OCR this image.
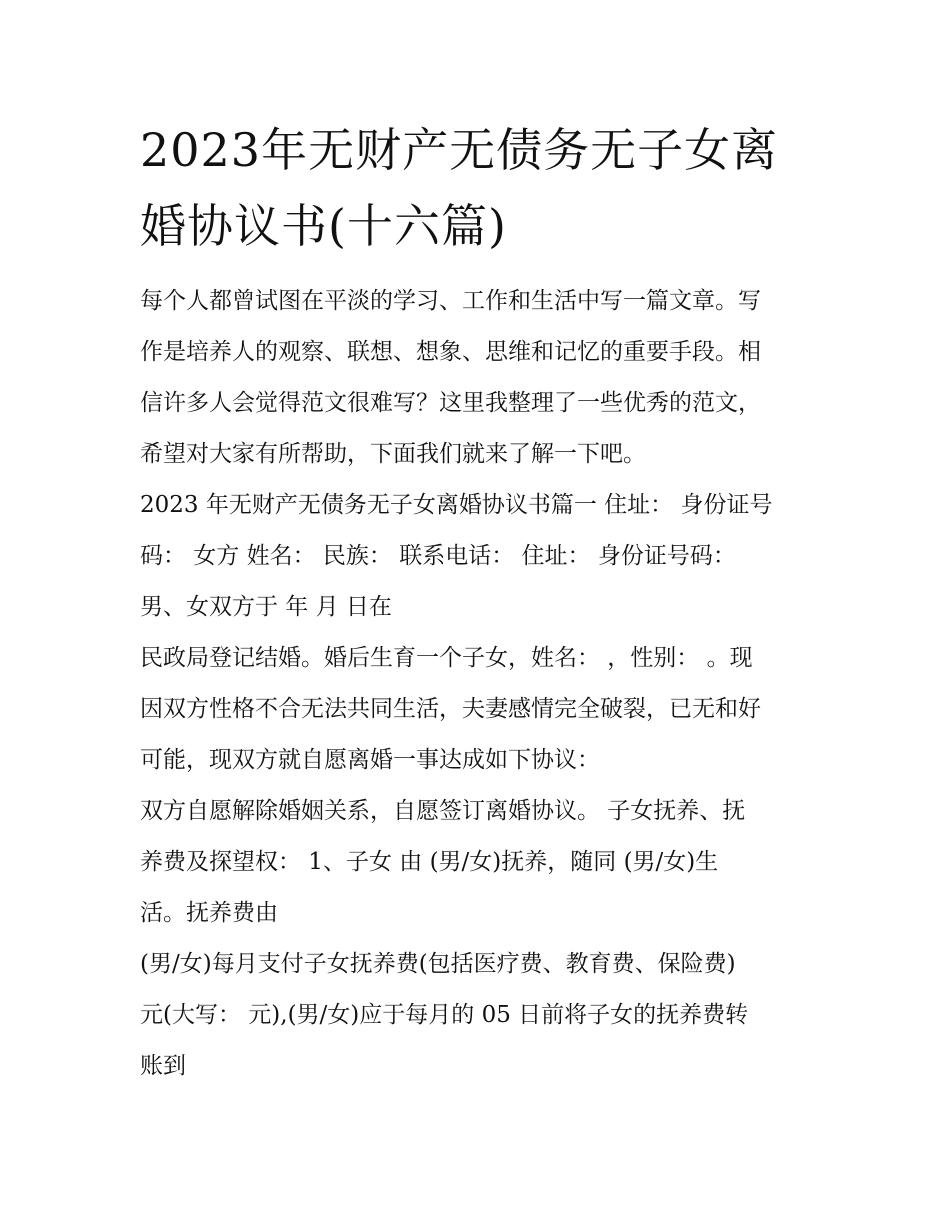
2023年无财产无债务无子女离
婚协议书(十六篇)
每个人都曾试图在平淡的学习、工作和生活中写一篇文章。写
作是培养人的观察、联想、想象、思维和记忆的重要手段。相
信许多人会觉得范文很难写？这里我整理了一些优秀的范文，
希望对大家有所帮助，下面我们就来了解一下吧。
2023 年无财产无债务无子女离婚协议书篇一 住址： 身份证号
码： 女方 姓名： 民族： 联系电话： 住址： 身份证号码：
男、女双方于 年 月 日在
民政局登记结婚。婚后生育一个子女，姓名： ，性别： 。现
因双方性格不合无法共同生活，夫妻感情完全破裂，已无和好
可能，现双方就自愿离婚一事达成如下协议：
双方自愿解除婚姻关系，自愿签订离婚协议。 子女抚养、抚
养费及探望权： 1、子女 由 (男/女)抚养，随同 (男/女)生
活。抚养费由
(男/女)每月支付子女抚养费(包括医疗费、教育费、保险费)
元(大写： 元),(男/女)应于每月的 05 日前将子女的抚养费转
账到
